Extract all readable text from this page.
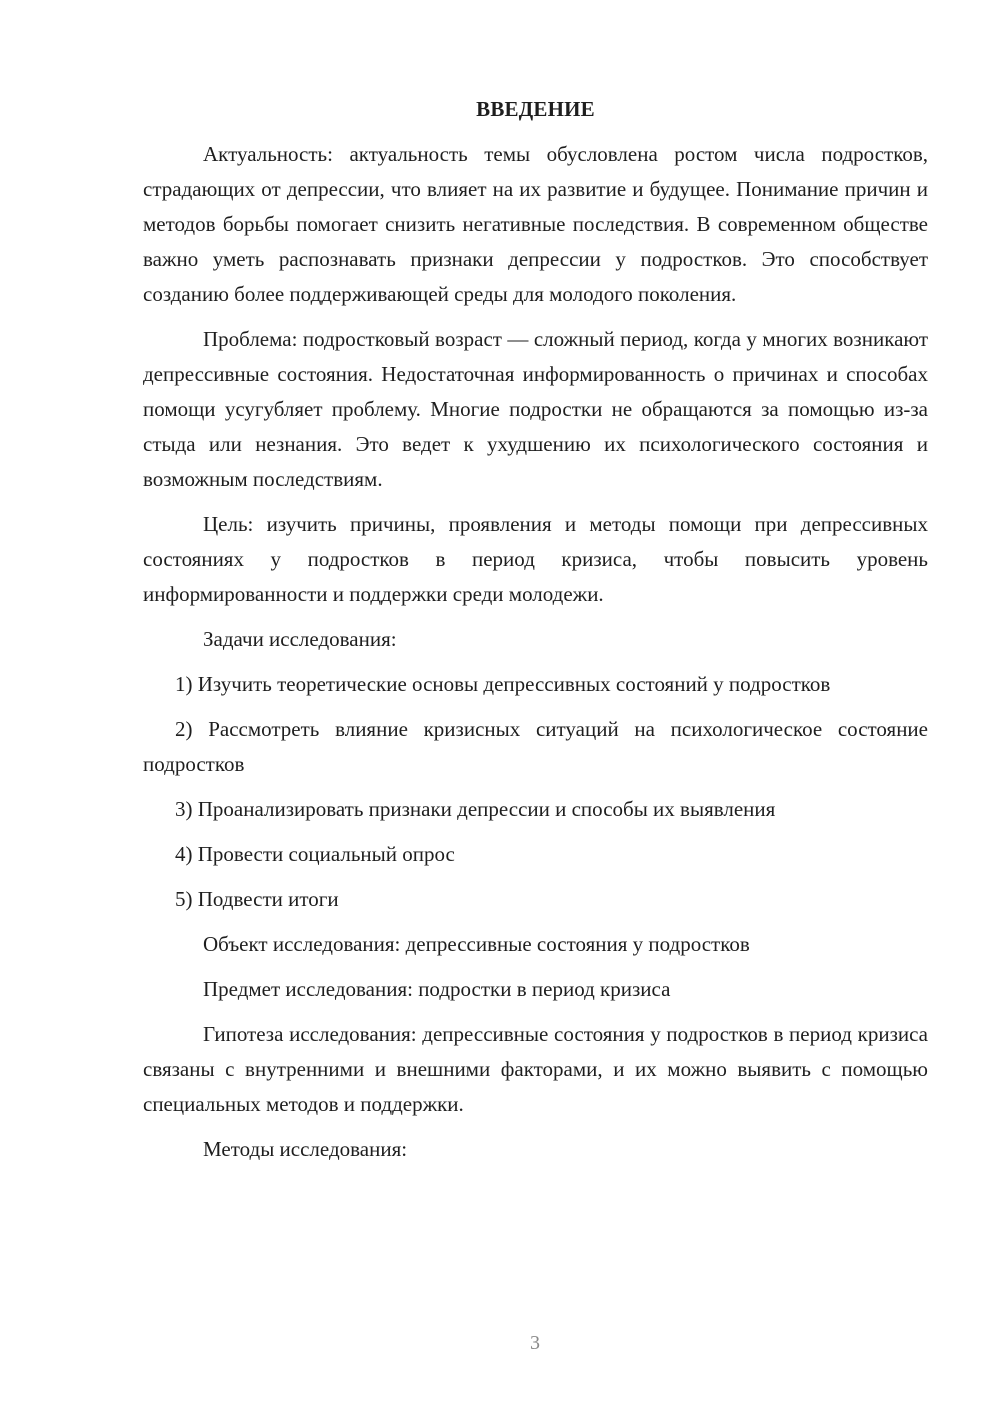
ВВЕДЕНИЕ

Актуальность: актуальность темы обусловлена ростом числа подростков, страдающих от депрессии, что влияет на их развитие и будущее. Понимание причин и методов борьбы помогает снизить негативные последствия. В современном обществе важно уметь распознавать признаки депрессии у подростков. Это способствует созданию более поддерживающей среды для молодого поколения.

Проблема: подростковый возраст — сложный период, когда у многих возникают депрессивные состояния. Недостаточная информированность о причинах и способах помощи усугубляет проблему. Многие подростки не обращаются за помощью из-за стыда или незнания. Это ведет к ухудшению их психологического состояния и возможным последствиям.

Цель: изучить причины, проявления и методы помощи при депрессивных состояниях у подростков в период кризиса, чтобы повысить уровень информированности и поддержки среди молодежи.

Задачи исследования:

1) Изучить теоретические основы депрессивных состояний у подростков

2) Рассмотреть влияние кризисных ситуаций на психологическое состояние подростков

3) Проанализировать признаки депрессии и способы их выявления

4) Провести социальный опрос

5) Подвести итоги

Объект исследования: депрессивные состояния у подростков

Предмет исследования: подростки в период кризиса

Гипотеза исследования: депрессивные состояния у подростков в период кризиса связаны с внутренними и внешними факторами, и их можно выявить с помощью специальных методов и поддержки.

Методы исследования:

3
